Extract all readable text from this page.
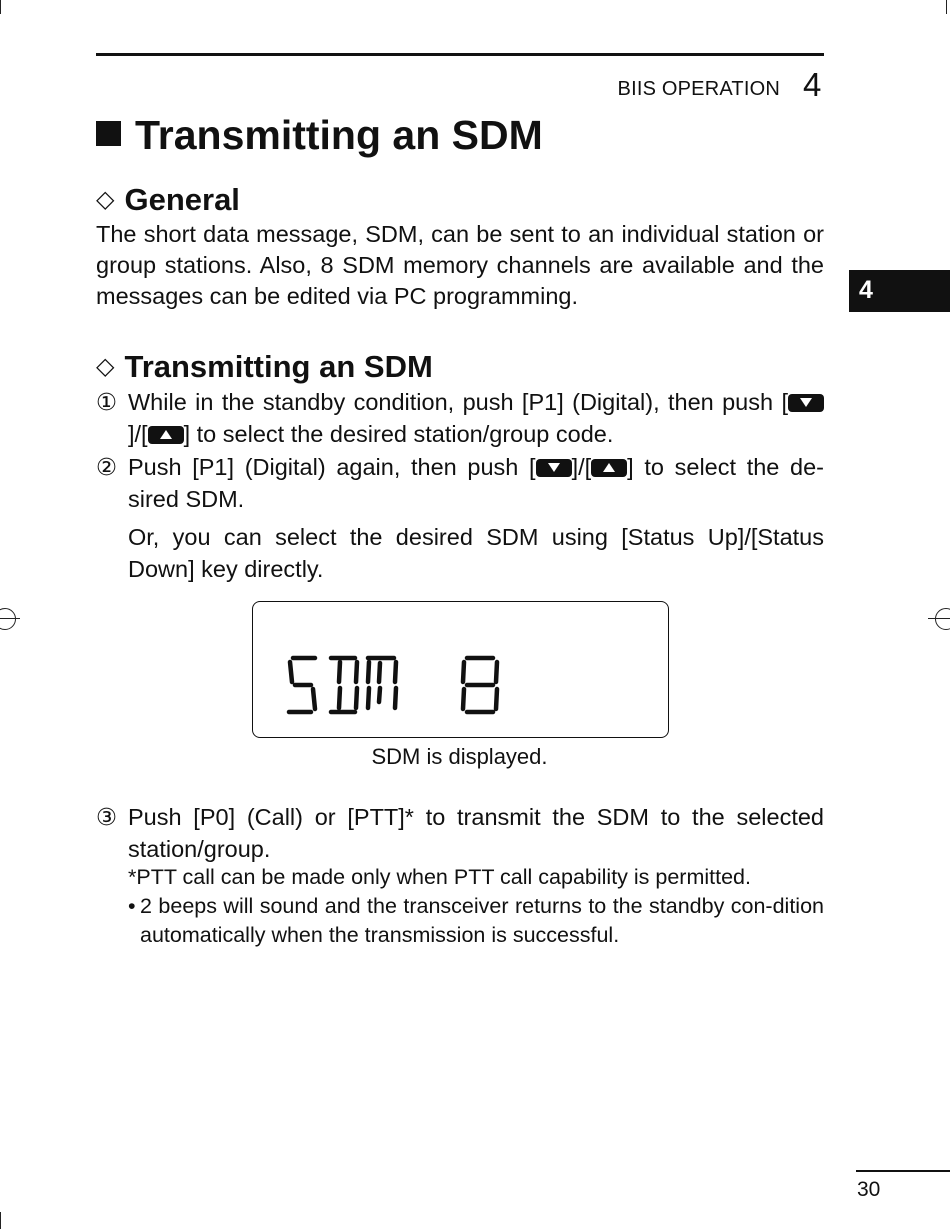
BIIS OPERATION 4
Transmitting an SDM
◇ General

The short data message, SDM, can be sent to an individual station or group stations. Also, 8 SDM memory channels are available and the messages can be edited via PC programming.	4
◇ Transmitting an SDM
① While in the standby condition, push [P1] (Digital), then push []/[ ] to select the desired station/group code.
② Push [P1] (Digital) again, then push [ ]/[ ] to select the de-sired SDM.
Or, you can select the desired SDM using [Status Up]/[Status Down] key directly.
SDM is displayed.
③ Push [P0] (Call) or [PTT]* to transmit the SDM to the selected station/group.
*PTT call can be made only when PTT call capability is permitted.
• 2 beeps will sound and the transceiver returns to the standby con-dition automatically when the transmission is successful.
30
